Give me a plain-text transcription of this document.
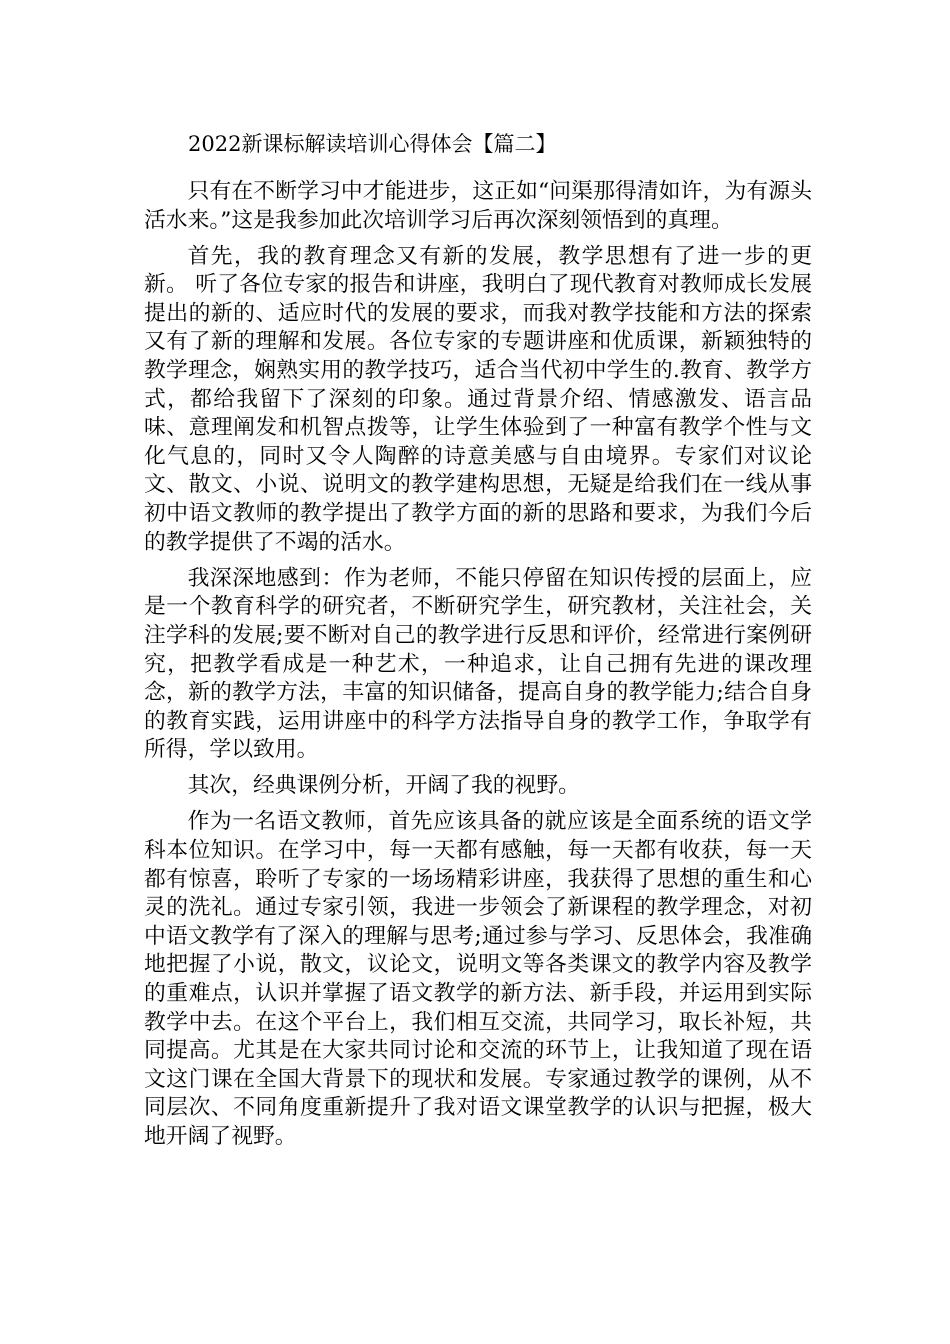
2022新课标解读培训心得体会【篇二】

只有在不断学习中才能进步，这正如“问渠那得清如许，为有源头活水来。”这是我参加此次培训学习后再次深刻领悟到的真理。

首先，我的教育理念又有新的发展，教学思想有了进一步的更新。 听了各位专家的报告和讲座，我明白了现代教育对教师成长发展提出的新的、适应时代的发展的要求，而我对教学技能和方法的探索又有了新的理解和发展。各位专家的专题讲座和优质课，新颖独特的教学理念，娴熟实用的教学技巧，适合当代初中学生的.教育、教学方式，都给我留下了深刻的印象。通过背景介绍、情感激发、语言品味、意理阐发和机智点拨等，让学生体验到了一种富有教学个性与文化气息的，同时又令人陶醉的诗意美感与自由境界。专家们对议论文、散文、小说、说明文的教学建构思想，无疑是给我们在一线从事初中语文教师的教学提出了教学方面的新的思路和要求，为我们今后的教学提供了不竭的活水。

我深深地感到：作为老师，不能只停留在知识传授的层面上，应是一个教育科学的研究者，不断研究学生，研究教材，关注社会，关注学科的发展;要不断对自己的教学进行反思和评价，经常进行案例研究，把教学看成是一种艺术，一种追求，让自己拥有先进的课改理念，新的教学方法，丰富的知识储备，提高自身的教学能力;结合自身的教育实践，运用讲座中的科学方法指导自身的教学工作，争取学有所得，学以致用。

其次，经典课例分析，开阔了我的视野。

作为一名语文教师，首先应该具备的就应该是全面系统的语文学科本位知识。在学习中，每一天都有感触，每一天都有收获，每一天都有惊喜，聆听了专家的一场场精彩讲座，我获得了思想的重生和心灵的洗礼。通过专家引领，我进一步领会了新课程的教学理念，对初中语文教学有了深入的理解与思考;通过参与学习、反思体会，我准确地把握了小说，散文，议论文，说明文等各类课文的教学内容及教学的重难点，认识并掌握了语文教学的新方法、新手段，并运用到实际教学中去。在这个平台上，我们相互交流，共同学习，取长补短，共同提高。尤其是在大家共同讨论和交流的环节上，让我知道了现在语文这门课在全国大背景下的现状和发展。专家通过教学的课例，从不同层次、不同角度重新提升了我对语文课堂教学的认识与把握，极大地开阔了视野。
